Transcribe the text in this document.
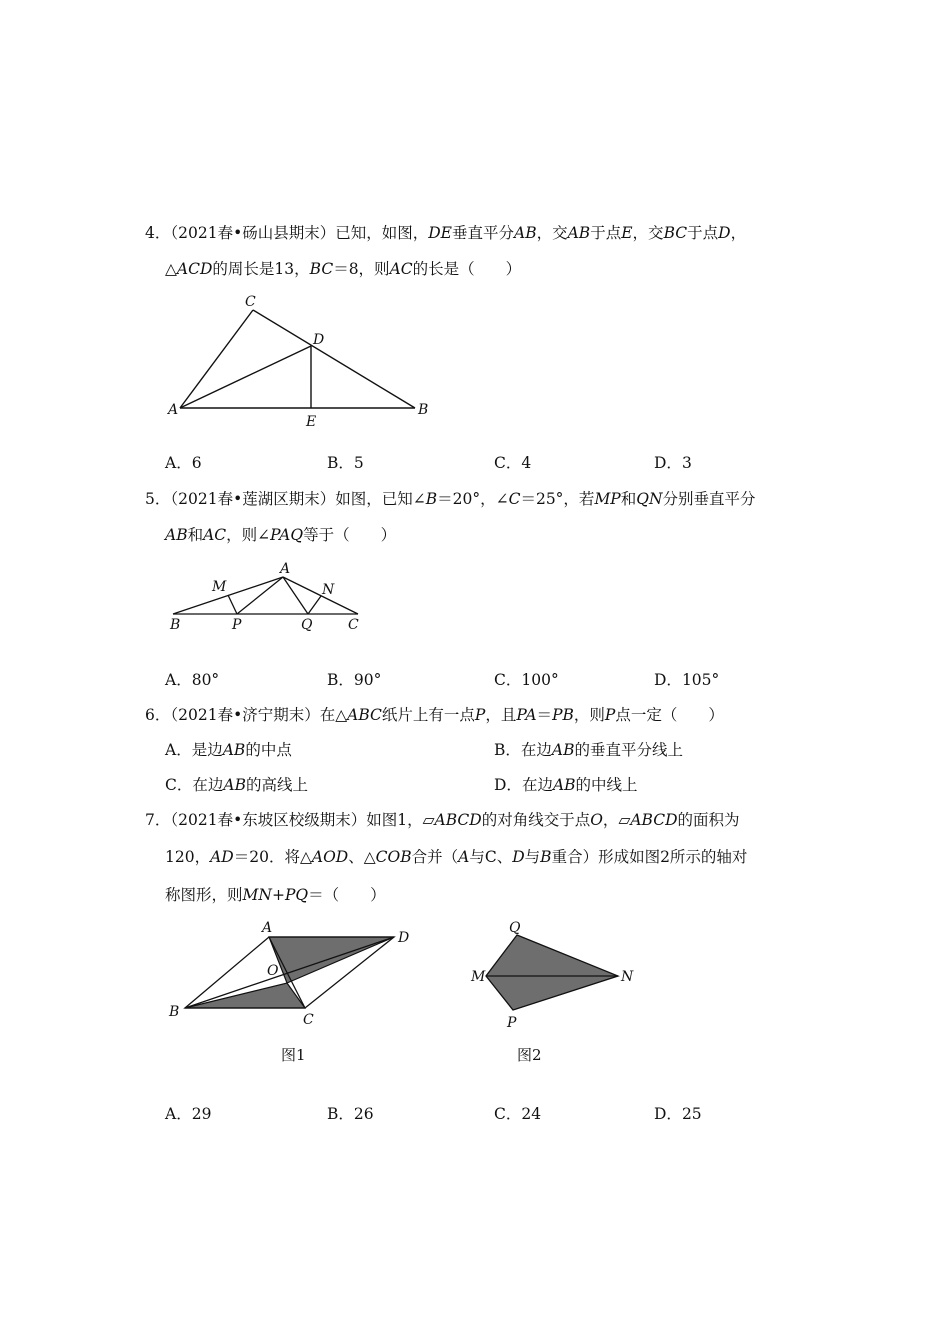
4．（2021春•砀山县期末）已知，如图，DE垂直平分AB，交AB于点E，交BC于点D，
△ACD的周长是13，BC＝8，则AC的长是（　　）
C
D
A	B
E
A．6	B．5	C．4	D．3
5．（2021春•莲湖区期末）如图，已知∠B＝20°，∠C＝25°，若MP和QN分别垂直平分
AB和AC，则∠PAQ等于（　　）
A
M	N
B	P	Q	C
A．80°	B．90°	C．100°	D．105°
6．（2021春•济宁期末）在△ABC纸片上有一点P，且PA＝PB，则P点一定（　　）
A．是边AB的中点	B．在边AB的垂直平分线上
C．在边AB的高线上	D．在边AB的中线上
7．（2021春•东坡区校级期末）如图1，▱ABCD的对角线交于点O，▱ABCD的面积为
120，AD＝20．将△AOD、△COB合并（A与C、D与B重合）形成如图2所示的轴对
称图形，则MN+PQ＝（　　）
A
D
O
B	C
图1
Q
M	N
P
图2
A．29	B．26	C．24	D．25
